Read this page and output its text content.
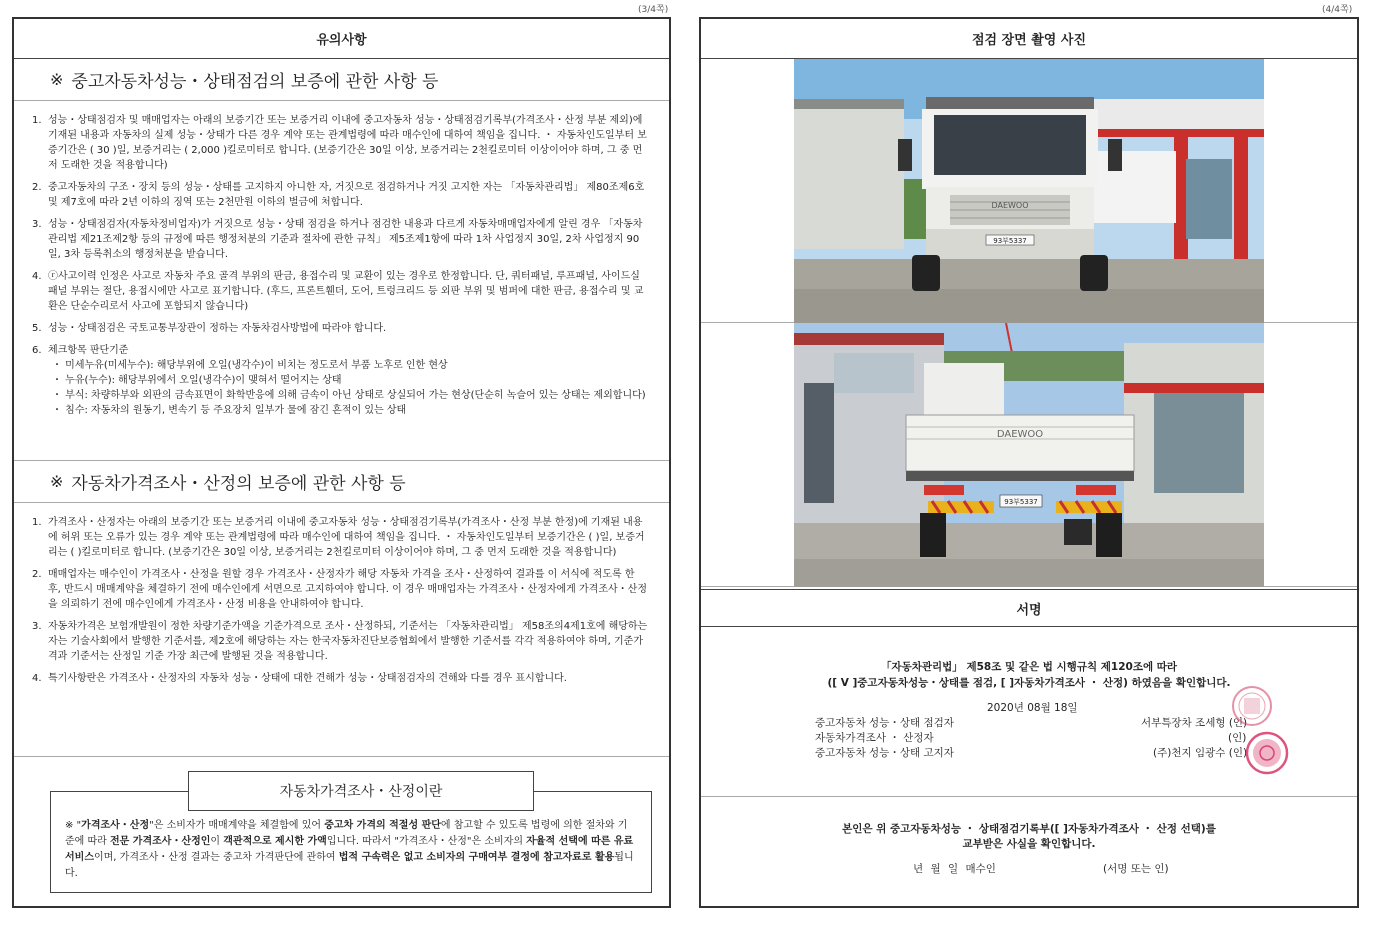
(3/4쪽)	(4/4쪽)
유의사항
※ 중고자동차성능・상태점검의 보증에 관한 사항 등
1. 성능・상태점검자 및 매매업자는 아래의 보증기간 또는 보증거리 이내에 중고자동차 성능・상태점검기록부(가격조사・산정 부분 제외)에 기재된 내용과 자동차의 실제 성능・상태가 다른 경우 계약 또는 관계법령에 따라 매수인에 대하여 책임을 집니다. ・ 자동차인도일부터 보증기간은 ( 30 )일, 보증거리는 ( 2,000 )킬로미터로 합니다. (보증기간은 30일 이상, 보증거리는 2천킬로미터 이상이어야 하며, 그 중 먼저 도래한 것을 적용합니다)
2. 중고자동차의 구조・장치 등의 성능・상태를 고지하지 아니한 자, 거짓으로 점검하거나 거짓 고지한 자는 「자동차관리법」 제80조제6호 및 제7호에 따라 2년 이하의 징역 또는 2천만원 이하의 벌금에 처합니다.
3. 성능・상태점검자(자동차정비업자)가 거짓으로 성능・상태 점검을 하거나 점검한 내용과 다르게 자동차매매업자에게 알린 경우 「자동차관리법 제21조제2항 등의 규정에 따른 행정처분의 기준과 절차에 관한 규칙」 제5조제1항에 따라 1차 사업정지 30일, 2차 사업정지 90일, 3차 등록취소의 행정처분을 받습니다.
4. ⓡ사고이력 인정은 사고로 자동차 주요 골격 부위의 판금, 용접수리 및 교환이 있는 경우로 한정합니다. 단, 쿼터패널, 루프패널, 사이드실패널 부위는 절단, 용접시에만 사고로 표기합니다. (후드, 프론트휀더, 도어, 트렁크리드 등 외판 부위 및 범퍼에 대한 판금, 용접수리 및 교환은 단순수리로서 사고에 포함되지 않습니다)
5. 성능・상태점검은 국토교통부장관이 정하는 자동차검사방법에 따라야 합니다.
6. 체크항목 판단기준
・ 미세누유(미세누수): 해당부위에 오일(냉각수)이 비치는 정도로서 부품 노후로 인한 현상
・ 누유(누수): 해당부위에서 오일(냉각수)이 맺혀서 떨어지는 상태
・ 부식: 차량하부와 외판의 금속표면이 화학반응에 의해 금속이 아닌 상태로 상실되어 가는 현상(단순히 녹슬어 있는 상태는 제외합니다)
・ 침수: 자동차의 원동기, 변속기 등 주요장치 일부가 물에 잠긴 흔적이 있는 상태
※ 자동차가격조사・산정의 보증에 관한 사항 등
1. 가격조사・산정자는 아래의 보증기간 또는 보증거리 이내에 중고자동차 성능・상태점검기록부(가격조사・산정 부분 한정)에 기재된 내용에 허위 또는 오류가 있는 경우 계약 또는 관계법령에 따라 매수인에 대하여 책임을 집니다. ・ 자동차인도일부터 보증기간은 ( )일, 보증거리는 ( )킬로미터로 합니다. (보증기간은 30일 이상, 보증거리는 2천킬로미터 이상이어야 하며, 그 중 먼저 도래한 것을 적용합니다)
2. 매매업자는 매수인이 가격조사・산정을 원할 경우 가격조사・산정자가 해당 자동차 가격을 조사・산정하여 결과를 이 서식에 적도록 한 후, 반드시 매매계약을 체결하기 전에 매수인에게 서면으로 고지하여야 합니다. 이 경우 매매업자는 가격조사・산정자에게 가격조사・산정을 의뢰하기 전에 매수인에게 가격조사・산정 비용을 안내하여야 합니다.
3. 자동차가격은 보험개발원이 정한 차량기준가액을 기준가격으로 조사・산정하되, 기준서는 「자동차관리법」 제58조의4제1호에 해당하는 자는 기술사회에서 발행한 기준서를, 제2호에 해당하는 자는 한국자동차진단보증협회에서 발행한 기준서를 각각 적용하여야 하며, 기준가격과 기준서는 산정일 기준 가장 최근에 발행된 것을 적용합니다.
4. 특기사항란은 가격조사・산정자의 자동차 성능・상태에 대한 견해가 성능・상태점검자의 견해와 다를 경우 표시합니다.
자동차가격조사・산정이란
※ "가격조사・산정"은 소비자가 매매계약을 체결함에 있어 중고차 가격의 적절성 판단에 참고할 수 있도록 법령에 의한 절차와 기준에 따라 전문 가격조사・산정인이 객관적으로 제시한 가액입니다. 따라서 "가격조사・산정"은 소비자의 자율적 선택에 따른 유료 서비스이며, 가격조사・산정 결과는 중고차 가격판단에 관하여 법적 구속력은 없고 소비자의 구매여부 결정에 참고자료로 활용됩니다.
점검 장면 촬영 사진
DAEWOO
93부5337
DAEWOO
93부5337
서명
「자동차관리법」 제58조 및 같은 법 시행규칙 제120조에 따라
([ V ]중고자동차성능・상태를 점검, [ ]자동차가격조사 ・ 산정) 하였음을 확인합니다.
2020년 08월 18일
중고자동차 성능・상태 점검자
자동차가격조사 ・ 산정자
중고자동차 성능・상태 고지자
서부특장차 조세형 (인)
(인)
(주)천지 임광수 (인)
본인은 위 중고자동차성능 ・ 상태점검기록부([ ]자동차가격조사 ・ 산정 선택)를
교부받은 사실을 확인합니다.
년 월 일 매수인	(서명 또는 인)
